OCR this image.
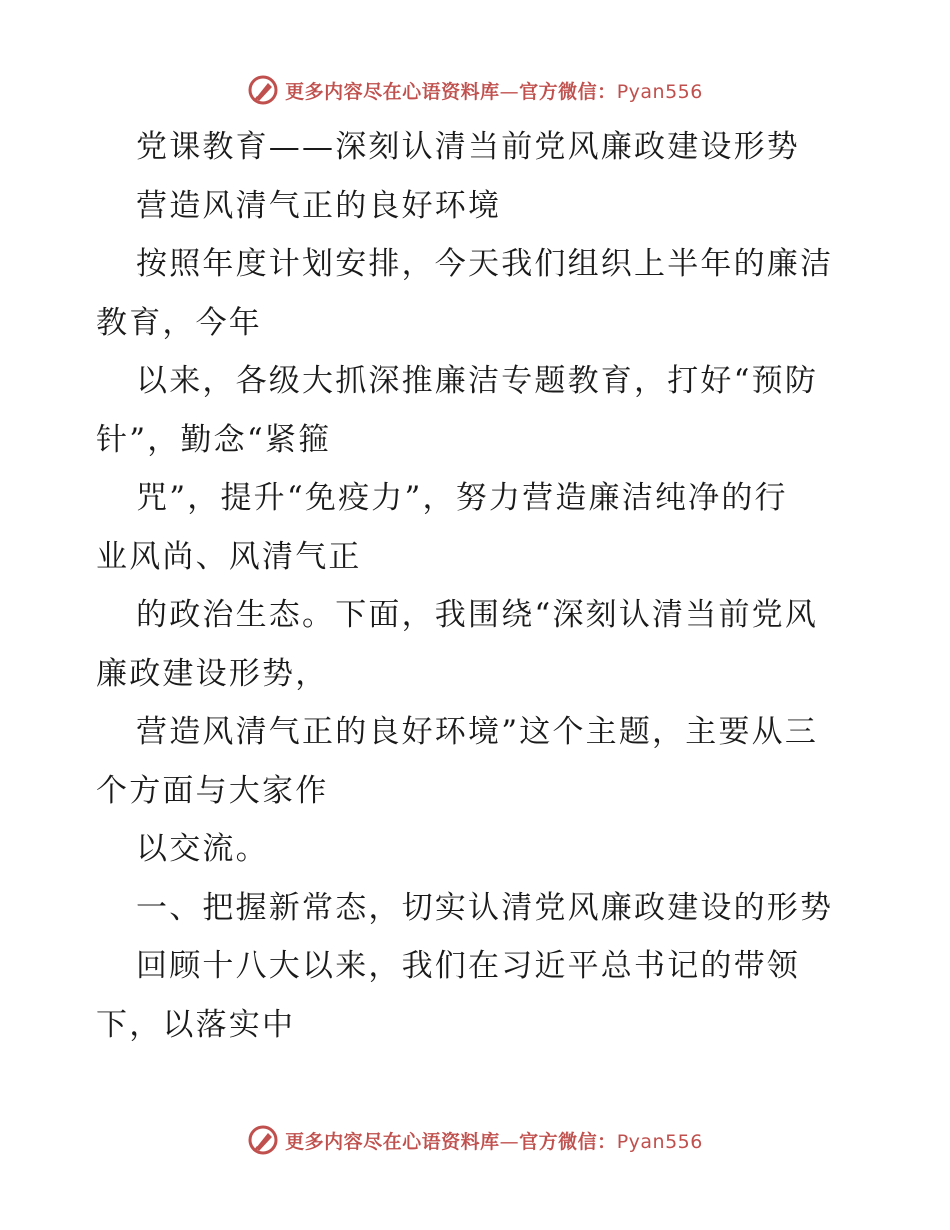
更多内容尽在心语资料库—官方微信：Pyan556
党课教育——深刻认清当前党风廉政建设形势
营造风清气正的良好环境
按照年度计划安排，今天我们组织上半年的廉洁
教育，今年
以来，各级大抓深推廉洁专题教育，打好“预防
针”，勤念“紧箍
咒”，提升“免疫力”，努力营造廉洁纯净的行
业风尚、风清气正
的政治生态。下面，我围绕“深刻认清当前党风
廉政建设形势，
营造风清气正的良好环境”这个主题，主要从三
个方面与大家作
以交流。
一、把握新常态，切实认清党风廉政建设的形势
回顾十八大以来，我们在习近平总书记的带领
下，以落实中
更多内容尽在心语资料库—官方微信：Pyan556
